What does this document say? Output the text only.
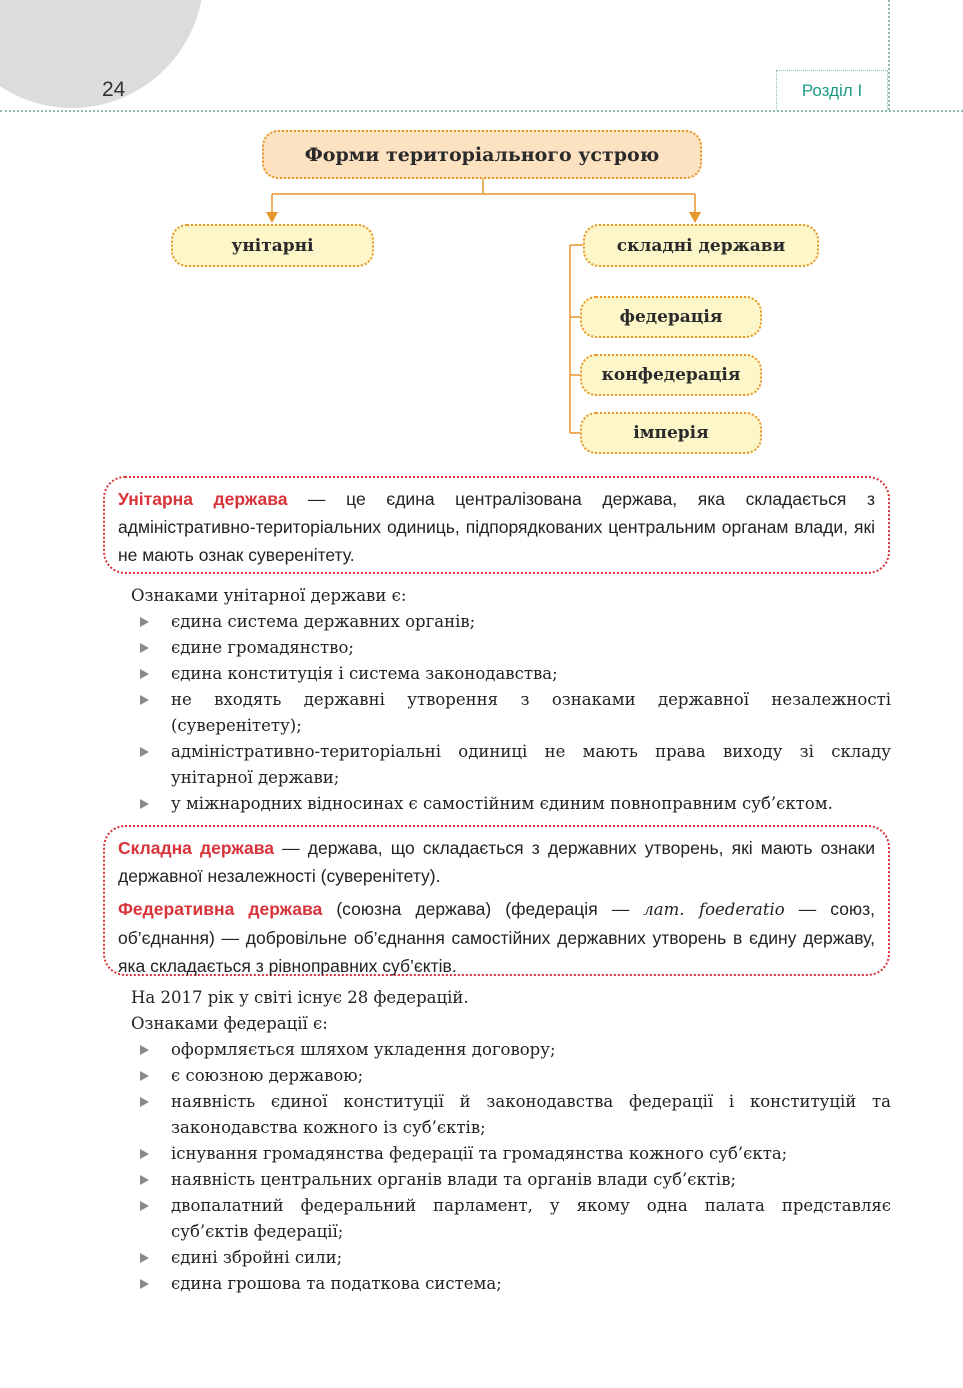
24	Розділ І
Форми територіального устрою
унітарні	складні держави
федерація
конфедерація
імперія

Унітарна держава — це єдина централізована держава, яка складається з адміністративно-територіальних одиниць, підпорядкованих центральним органам влади, які не мають ознак суверенітету.

Ознаками унітарної держави є:

єдина система державних органів;
єдине громадянство;
єдина конституція і система законодавства;
не входять державні утворення з ознаками державної незалежності (суверенітету);
адміністративно-територіальні одиниці не мають права виходу зі складу унітарної держави;
у міжнародних відносинах є самостійним єдиним повноправним суб’єктом.

Складна держава — держава, що складається з державних утворень, які мають ознаки державної незалежності (суверенітету).

Федеративна держава (союзна держава) (федерація — лат. foederatio — союз, об’єднання) — добровільне об’єднання самостійних державних утворень в єдину державу, яка складається з рівноправних суб’єктів.

На 2017 рік у світі існує 28 федерацій.

Ознаками федерації є:

оформляється шляхом укладення договору;
є союзною державою;
наявність єдиної конституції й законодавства федерації і конституцій та законодавства кожного із суб’єктів;
існування громадянства федерації та громадянства кожного суб’єкта;
наявність центральних органів влади та органів влади суб’єктів;
двопалатний федеральний парламент, у якому одна палата представляє суб’єктів федерації;
єдині збройні сили;
єдина грошова та податкова система;
